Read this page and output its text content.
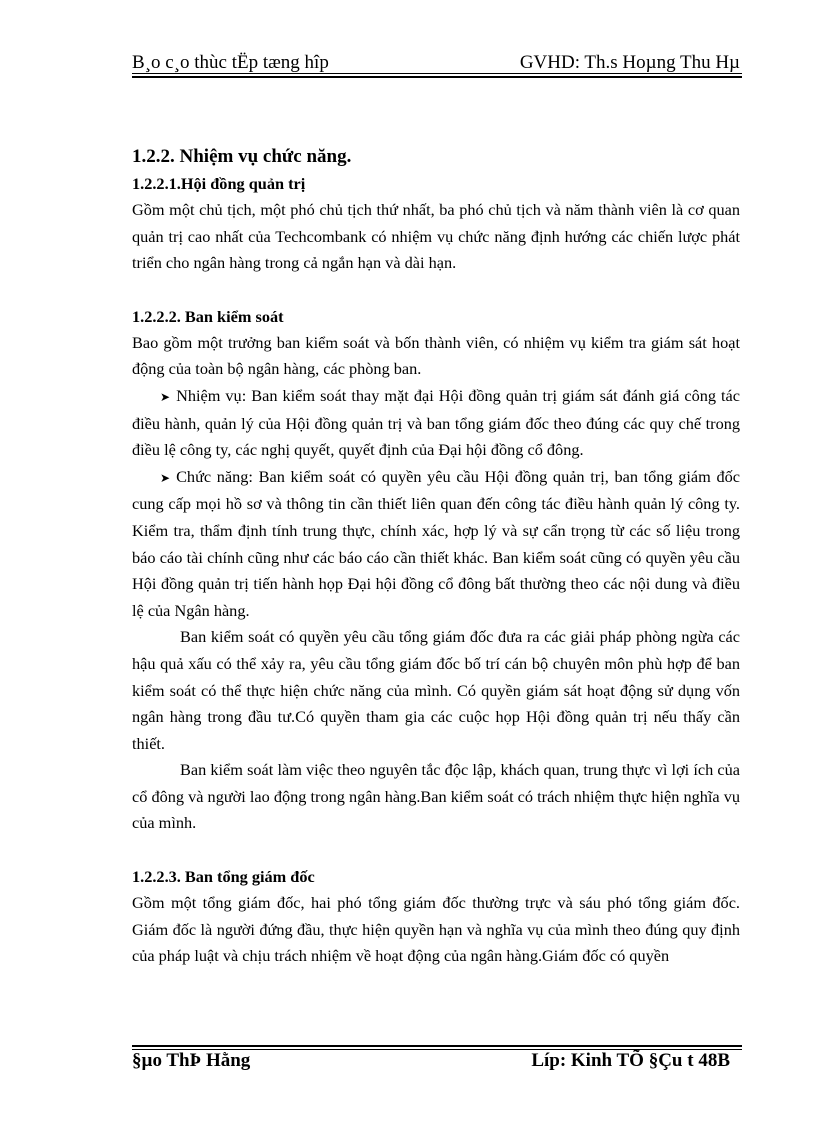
B¸o c¸o thùc tËp tæng hîp	GVHD: Th.s Hoµng Thu Hµ

1.2.2. Nhiệm vụ chức năng.

1.2.2.1.Hội đồng quản trị

Gồm một chủ tịch, một phó chủ tịch thứ nhất, ba phó chủ tịch và năm thành viên là cơ quan quản trị cao nhất của Techcombank có nhiệm vụ chức năng định hướng các chiến lược phát triển cho ngân hàng trong cả ngắn hạn và dài hạn.

1.2.2.2. Ban kiểm soát

Bao gồm một trưởng ban kiểm soát và bốn thành viên, có nhiệm vụ kiểm tra giám sát hoạt động của toàn bộ ngân hàng, các phòng ban.

➤ Nhiệm vụ: Ban kiểm soát thay mặt đại Hội đồng quản trị giám sát đánh giá công tác điều hành, quản lý của Hội đồng quản trị và ban tổng giám đốc theo đúng các quy chế trong điều lệ công ty, các nghị quyết, quyết định của Đại hội đồng cổ đông.

➤ Chức năng: Ban kiểm soát có quyền yêu cầu Hội đồng quản trị, ban tổng giám đốc cung cấp mọi hồ sơ và thông tin cần thiết liên quan đến công tác điều hành quản lý công ty. Kiểm tra, thẩm định tính trung thực, chính xác, hợp lý và sự cẩn trọng từ các số liệu trong báo cáo tài chính cũng như các báo cáo cần thiết khác. Ban kiểm soát cũng có quyền yêu cầu Hội đồng quản trị tiến hành họp Đại hội đồng cổ đông bất thường theo các nội dung và điều lệ của Ngân hàng.

Ban kiểm soát có quyền yêu cầu tổng giám đốc đưa ra các giải pháp phòng ngừa các hậu quả xấu có thể xảy ra, yêu cầu tổng giám đốc bố trí cán bộ chuyên môn phù hợp để ban kiểm soát có thể thực hiện chức năng của mình. Có quyền giám sát hoạt động sử dụng vốn ngân hàng trong đầu tư.Có quyền tham gia các cuộc họp Hội đồng quản trị nếu thấy cần thiết.

Ban kiểm soát làm việc theo nguyên tắc độc lập, khách quan, trung thực vì lợi ích của cổ đông và người lao động trong ngân hàng.Ban kiểm soát có trách nhiệm thực hiện nghĩa vụ của mình.

1.2.2.3. Ban tổng giám đốc

Gồm một tổng giám đốc, hai phó tổng giám đốc thường trực và sáu phó tổng giám đốc. Giám đốc là người đứng đầu, thực hiện quyền hạn và nghĩa vụ của mình theo đúng quy định của pháp luật và chịu trách nhiệm về hoạt động của ngân hàng.Giám đốc có quyền

§µo ThÞ Hằng	Líp: Kinh TÕ §Çu t 48B
